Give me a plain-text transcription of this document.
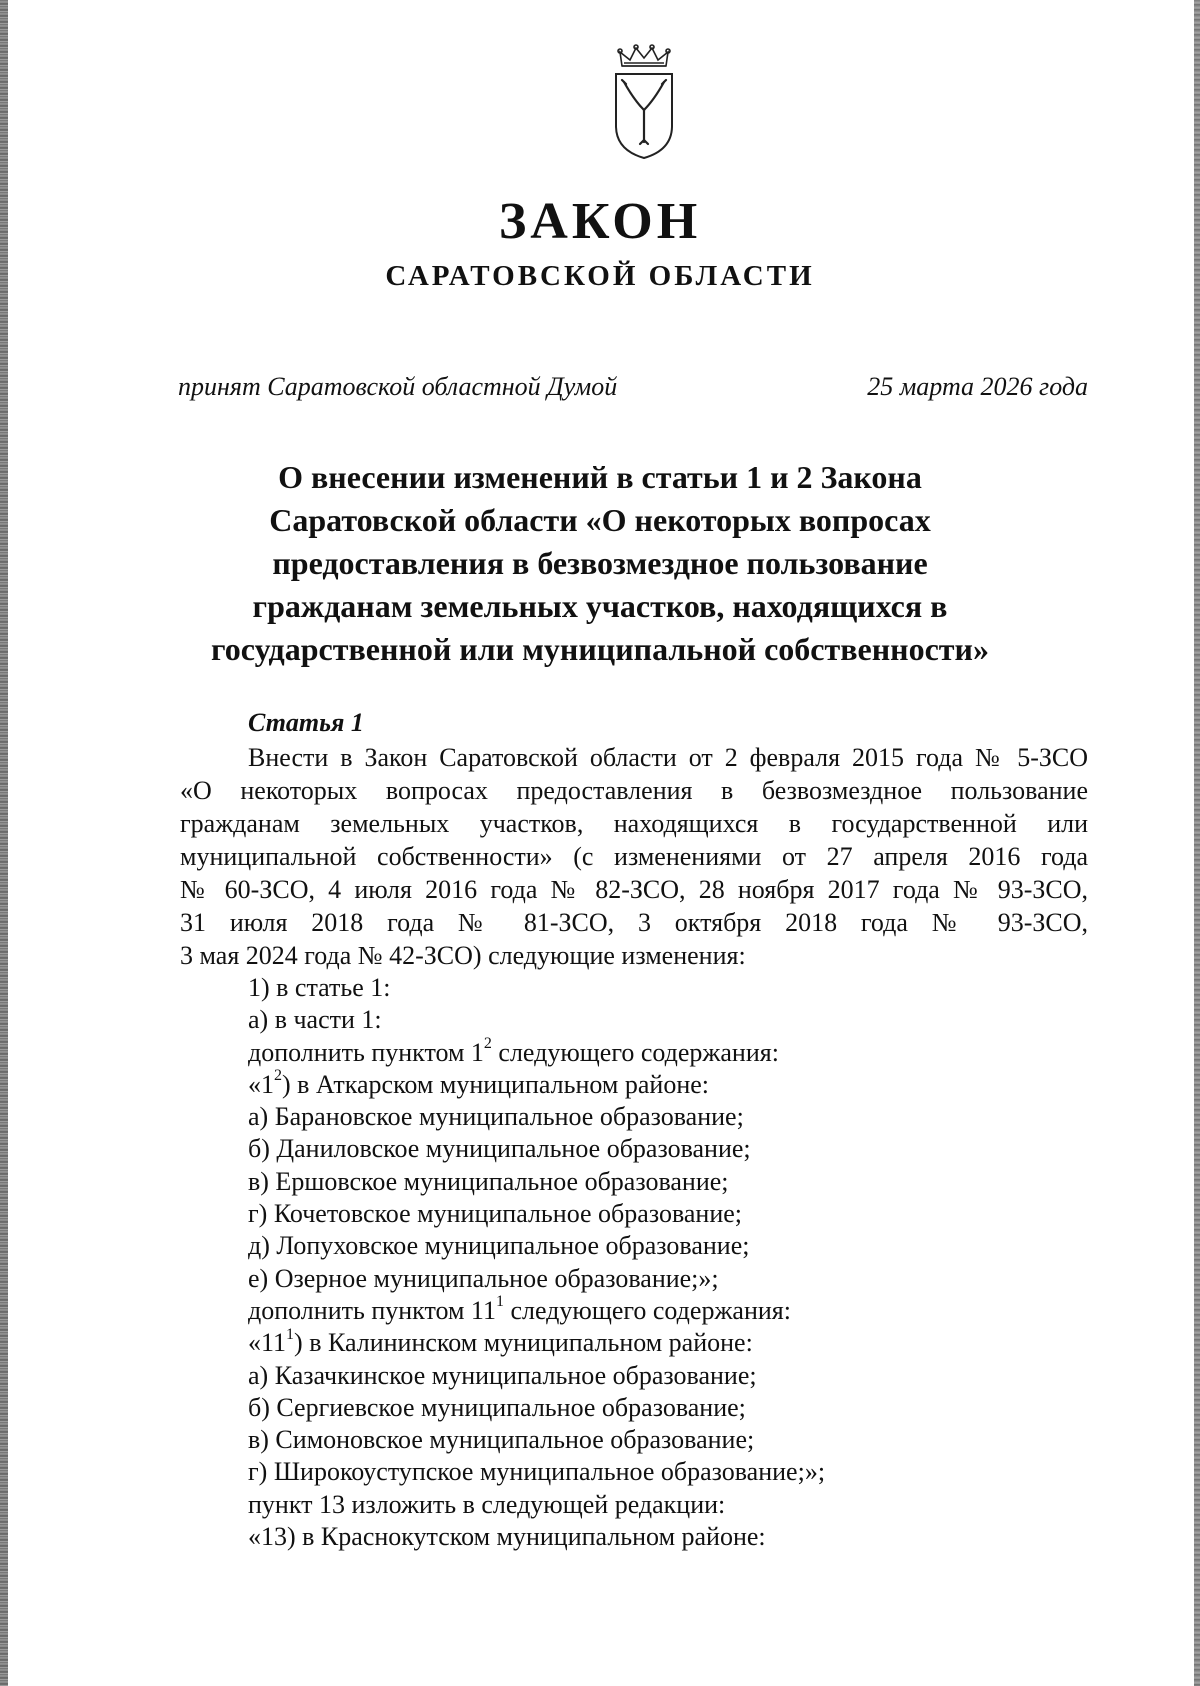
ЗАКОН
САРАТОВСКОЙ ОБЛАСТИ
принят Саратовской областной Думой	25 марта 2026 года
О внесении изменений в статьи 1 и 2 Закона
Саратовской области «О некоторых вопросах
предоставления в безвозмездное пользование
гражданам земельных участков, находящихся в
государственной или муниципальной собственности»
Статья 1
Внести в Закон Саратовской области от 2 февраля 2015 года № 5-ЗСО
«О некоторых вопросах предоставления в безвозмездное пользование
гражданам земельных участков, находящихся в государственной или
муниципальной собственности» (с изменениями от 27 апреля 2016 года
№ 60-ЗСО, 4 июля 2016 года № 82-ЗСО, 28 ноября 2017 года № 93-ЗСО,
31 июля 2018 года № 81-ЗСО, 3 октября 2018 года № 93-ЗСО,
3 мая 2024 года № 42-ЗСО) следующие изменения:
1) в статье 1:
а) в части 1:
дополнить пунктом $1^2$ следующего содержания:
«$1^2$) в Аткарском муниципальном районе:
а) Барановское муниципальное образование;
б) Даниловское муниципальное образование;
в) Ершовское муниципальное образование;
г) Кочетовское муниципальное образование;
д) Лопуховское муниципальное образование;
е) Озерное муниципальное образование;»;
дополнить пунктом $11^1$ следующего содержания:
«$11^1$) в Калининском муниципальном районе:
а) Казачкинское муниципальное образование;
б) Сергиевское муниципальное образование;
в) Симоновское муниципальное образование;
г) Широкоуступское муниципальное образование;»;
пункт 13 изложить в следующей редакции:
«13) в Краснокутском муниципальном районе:
